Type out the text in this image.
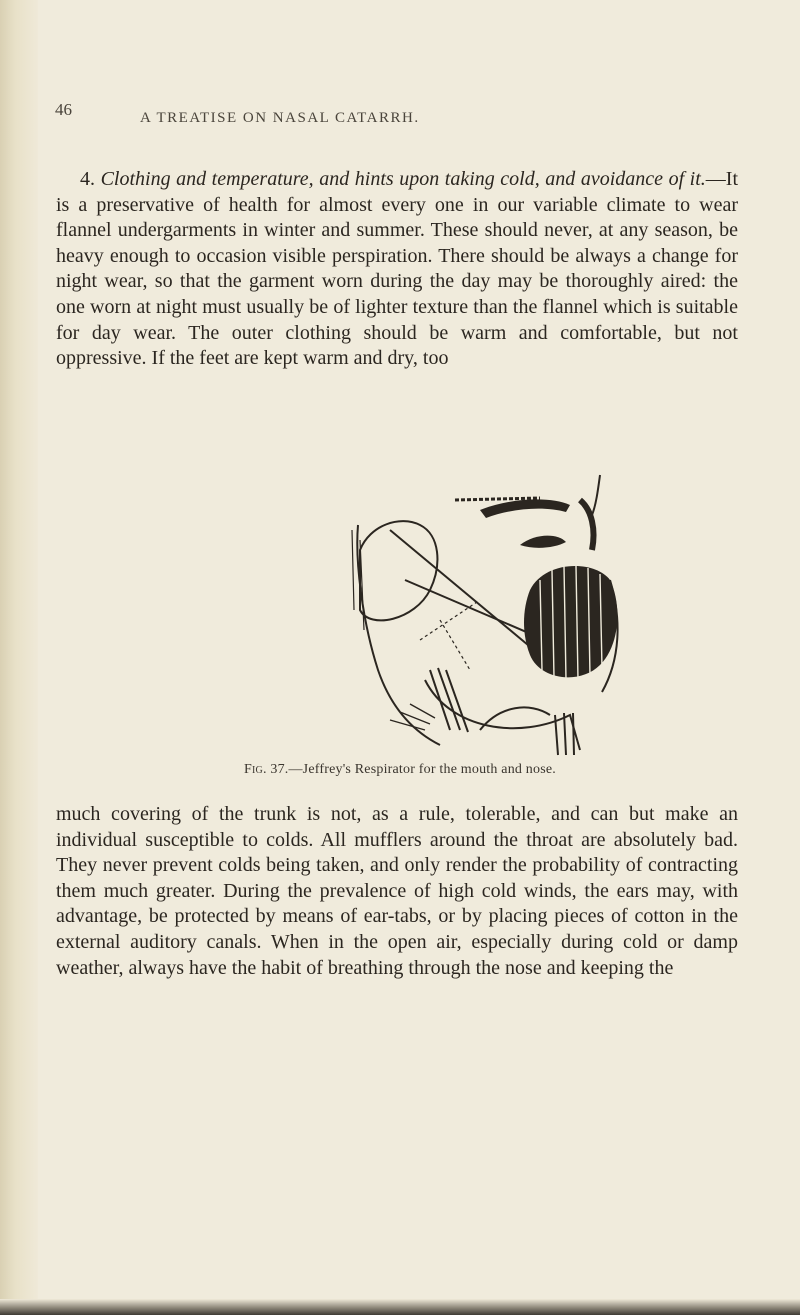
46	A TREATISE ON NASAL CATARRH.

4. Clothing and temperature, and hints upon taking cold, and avoidance of it.—It is a preservative of health for almost every one in our variable climate to wear flannel undergarments in winter and summer. These should never, at any season, be heavy enough to occasion visible perspiration. There should be always a change for night wear, so that the garment worn during the day may be thoroughly aired: the one worn at night must usually be of lighter texture than the flannel which is suitable for day wear. The outer clothing should be warm and comfortable, but not oppressive. If the feet are kept warm and dry, too

Fig. 37.—Jeffrey's Respirator for the mouth and nose.

much covering of the trunk is not, as a rule, tolerable, and can but make an individual susceptible to colds. All mufflers around the throat are absolutely bad. They never prevent colds being taken, and only render the probability of contracting them much greater. During the prevalence of high cold winds, the ears may, with advantage, be protected by means of ear-tabs, or by placing pieces of cotton in the external auditory canals. When in the open air, especially during cold or damp weather, always have the habit of breathing through the nose and keeping the
